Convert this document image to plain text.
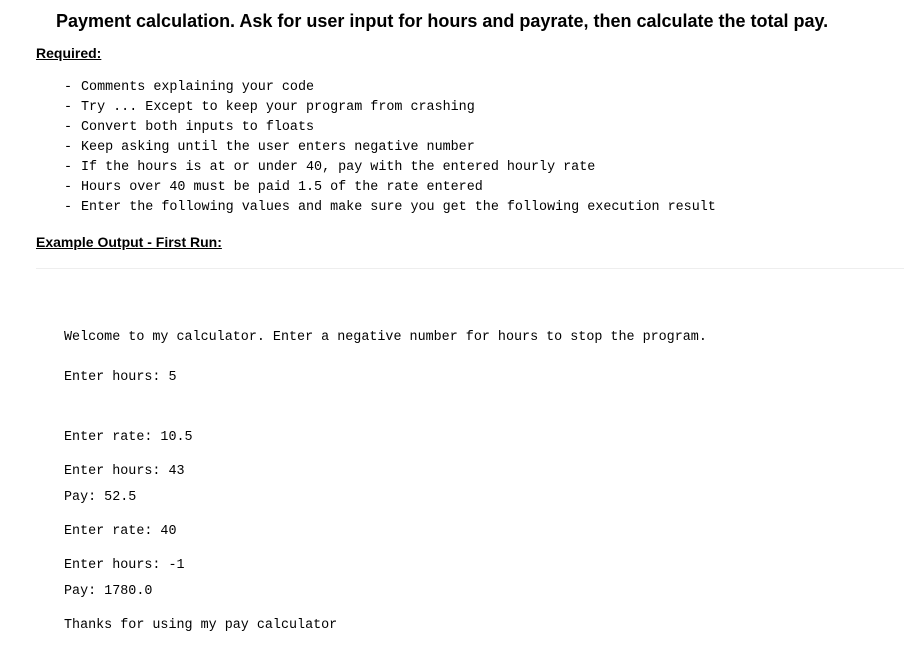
Payment calculation. Ask for user input for hours and payrate, then calculate the total pay.
Required:
- Comments explaining your code
- Try ... Except to keep your program from crashing
- Convert both inputs to floats
- Keep asking until the user enters negative number
- If the hours is at or under 40, pay with the entered hourly rate
- Hours over 40 must be paid 1.5 of the rate entered
- Enter the following values and make sure you get the following execution result
Example Output - First Run:

Welcome to my calculator. Enter a negative number for hours to stop the program.

Enter hours: 5

Enter rate: 10.5

Pay: 52.5

Enter hours: 43

Enter rate: 40

Pay: 1780.0

Enter hours: -1

Thanks for using my pay calculator
